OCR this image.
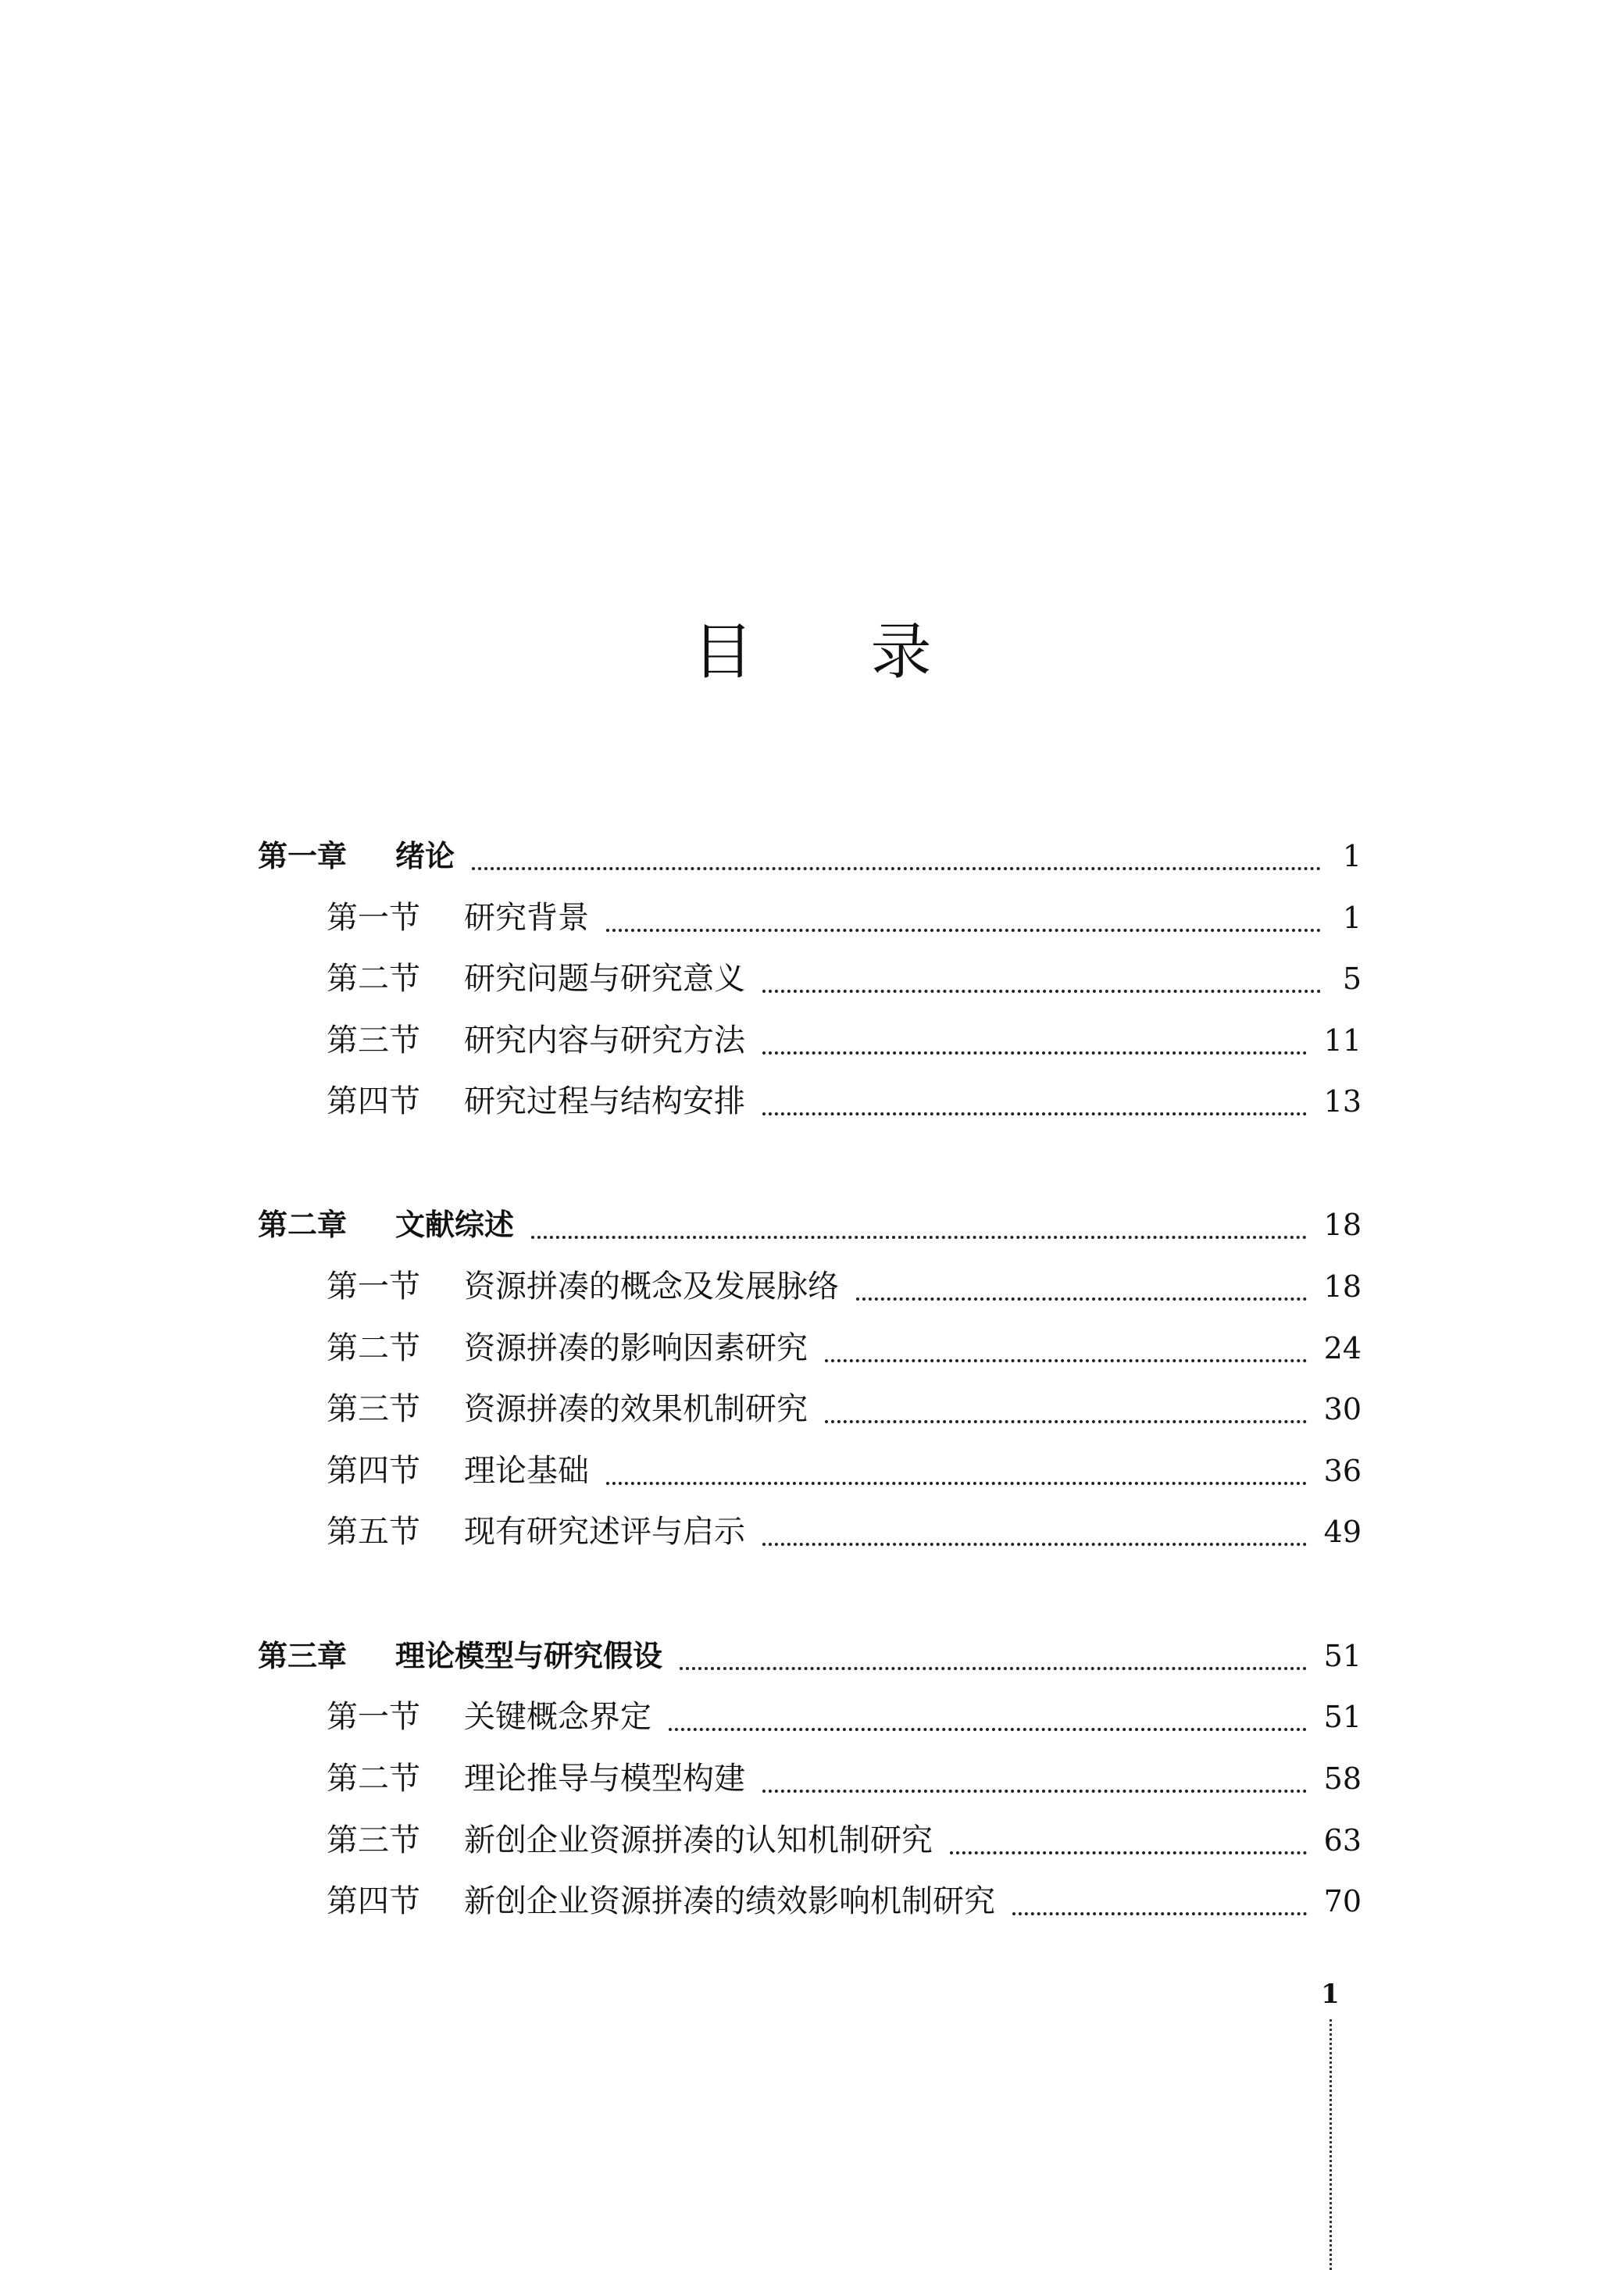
目 录
第一章	绪论	1
第一节	研究背景	1
第二节	研究问题与研究意义	5
第三节	研究内容与研究方法	11
第四节	研究过程与结构安排	13
第二章	文献综述	18
第一节	资源拼凑的概念及发展脉络	18
第二节	资源拼凑的影响因素研究	24
第三节	资源拼凑的效果机制研究	30
第四节	理论基础	36
第五节	现有研究述评与启示	49
第三章	理论模型与研究假设	51
第一节	关键概念界定	51
第二节	理论推导与模型构建	58
第三节	新创企业资源拼凑的认知机制研究	63
第四节	新创企业资源拼凑的绩效影响机制研究	70
1
